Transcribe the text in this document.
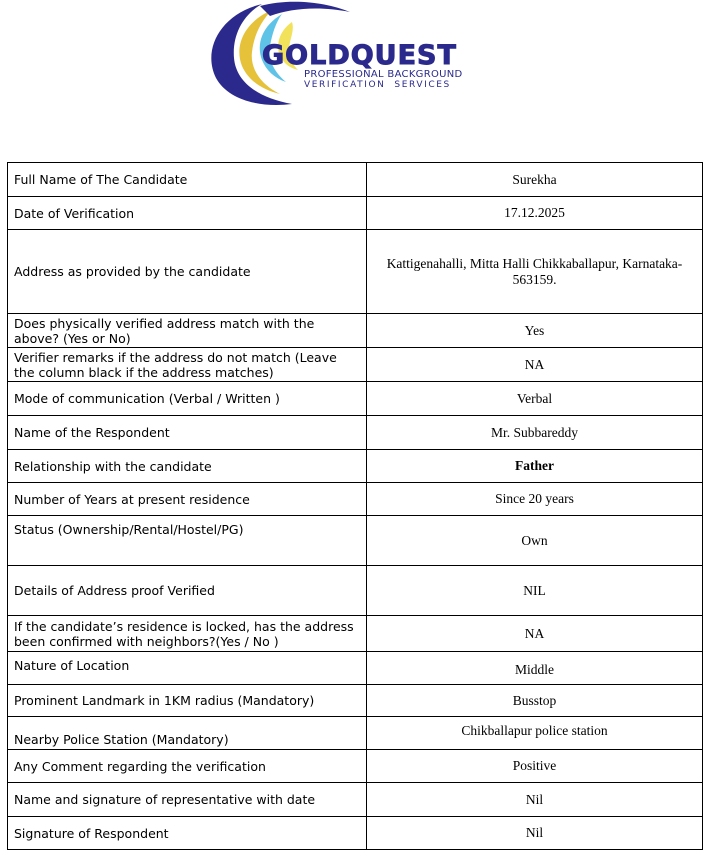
GOLDQUEST
PROFESSIONAL BACKGROUND
VERIFICATION  SERVICES
Full Name of The Candidate	Surekha
Date of Verification	17.12.2025
Address as provided by the candidate	Kattigenahalli, Mitta Halli Chikkaballapur, Karnataka-563159.
Does physically verified address match with the above? (Yes or No)	Yes
Verifier remarks if the address do not match (Leave the column black if the address matches)	NA
Mode of communication (Verbal / Written )	Verbal
Name of the Respondent	Mr. Subbareddy
Relationship with the candidate	Father
Number of Years at present residence	Since 20 years
Status (Ownership/Rental/Hostel/PG)	Own
Details of Address proof Verified	NIL
If the candidate’s residence is locked, has the address been confirmed with neighbors?(Yes / No )	NA
Nature of Location	Middle
Prominent Landmark in 1KM radius (Mandatory)	Busstop
Nearby Police Station (Mandatory)	Chikballapur police station
Any Comment regarding the verification	Positive
Name and signature of representative with date	Nil
Signature of Respondent	Nil
